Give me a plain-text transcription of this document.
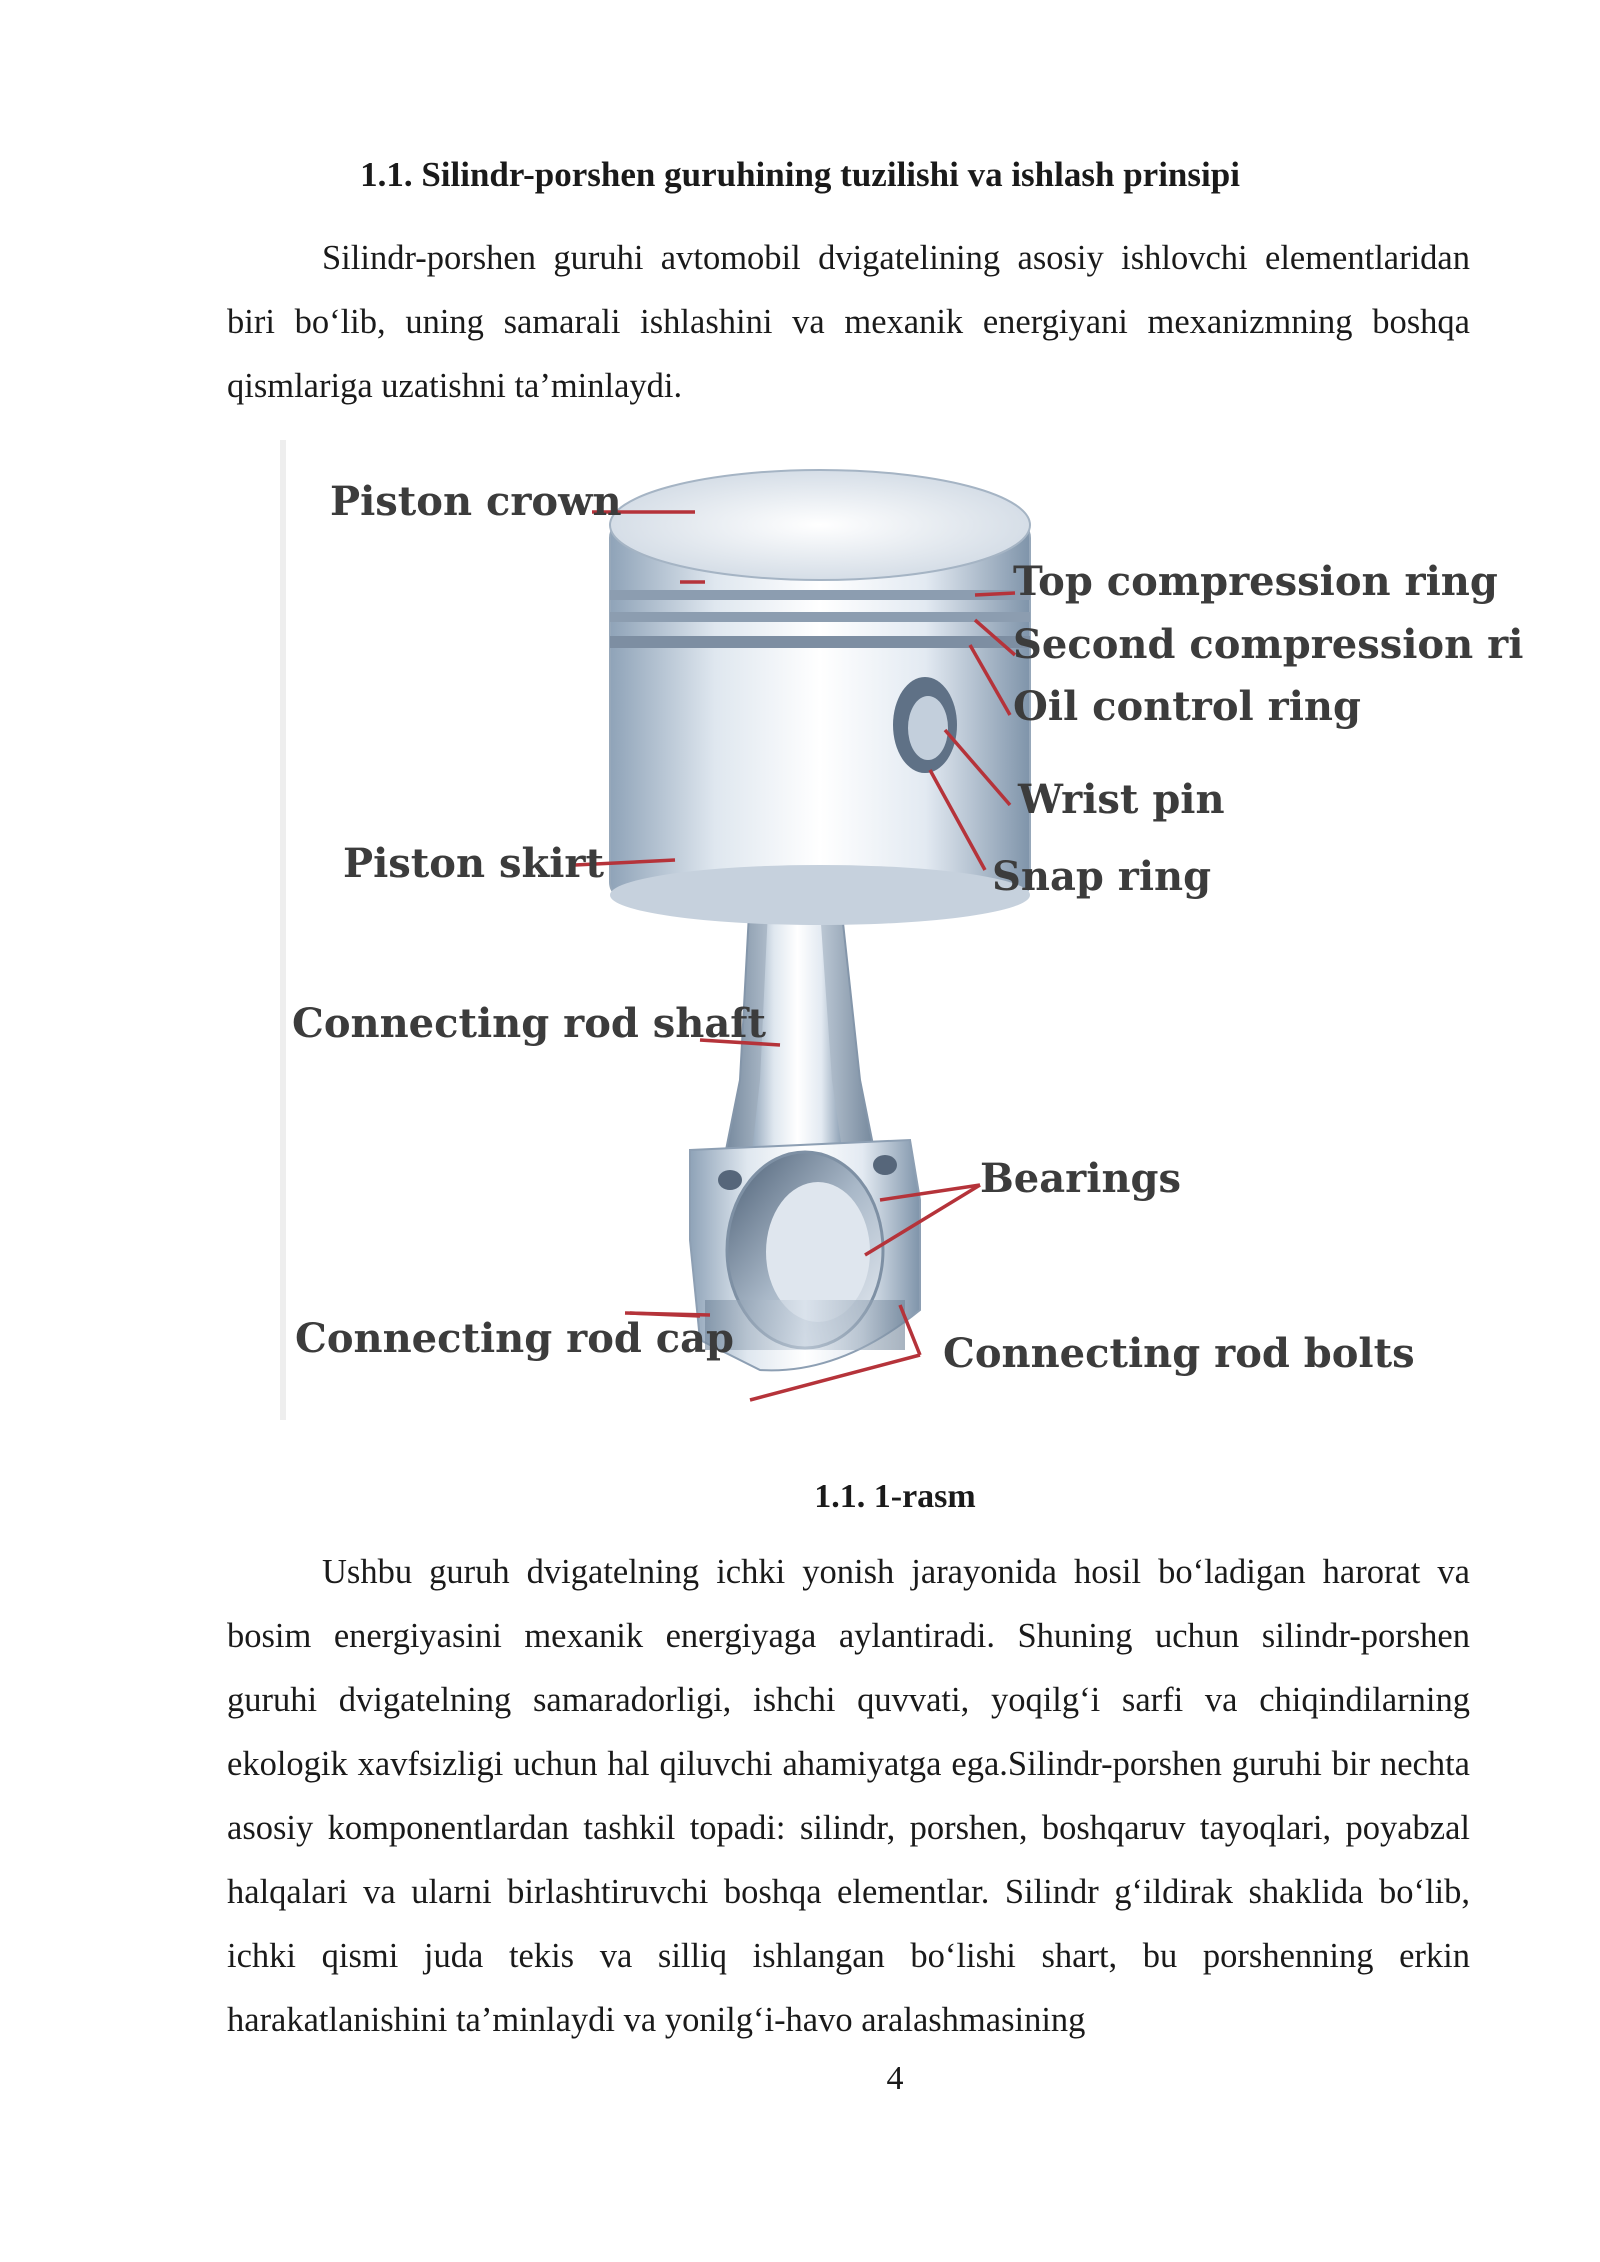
1.1. Silindr-porshen guruhining tuzilishi va ishlash prinsipi

Silindr-porshen guruhi avtomobil dvigatelining asosiy ishlovchi elementlaridan biri bo‘lib, uning samarali ishlashini va mexanik energiyani mexanizmning boshqa qismlariga uzatishni ta’minlaydi.

Piston crown
Top compression ring
Second compression ri
Oil control ring
Wrist pin
Snap ring
Piston skirt
Connecting rod shaft
Bearings
Connecting rod cap	Connecting rod bolts
1.1. 1-rasm

Ushbu guruh dvigatelning ichki yonish jarayonida hosil bo‘ladigan harorat va bosim energiyasini mexanik energiyaga aylantiradi. Shuning uchun silindr-porshen guruhi dvigatelning samaradorligi, ishchi quvvati, yoqilg‘i sarfi va chiqindilarning ekologik xavfsizligi uchun hal qiluvchi ahamiyatga ega.Silindr-porshen guruhi bir nechta asosiy komponentlardan tashkil topadi: silindr, porshen, boshqaruv tayoqlari, poyabzal halqalari va ularni birlashtiruvchi boshqa elementlar. Silindr g‘ildirak shaklida bo‘lib, ichki qismi juda tekis va silliq ishlangan bo‘lishi shart, bu porshenning erkin harakatlanishini ta’minlaydi va yonilg‘i-havo aralashmasining

4
